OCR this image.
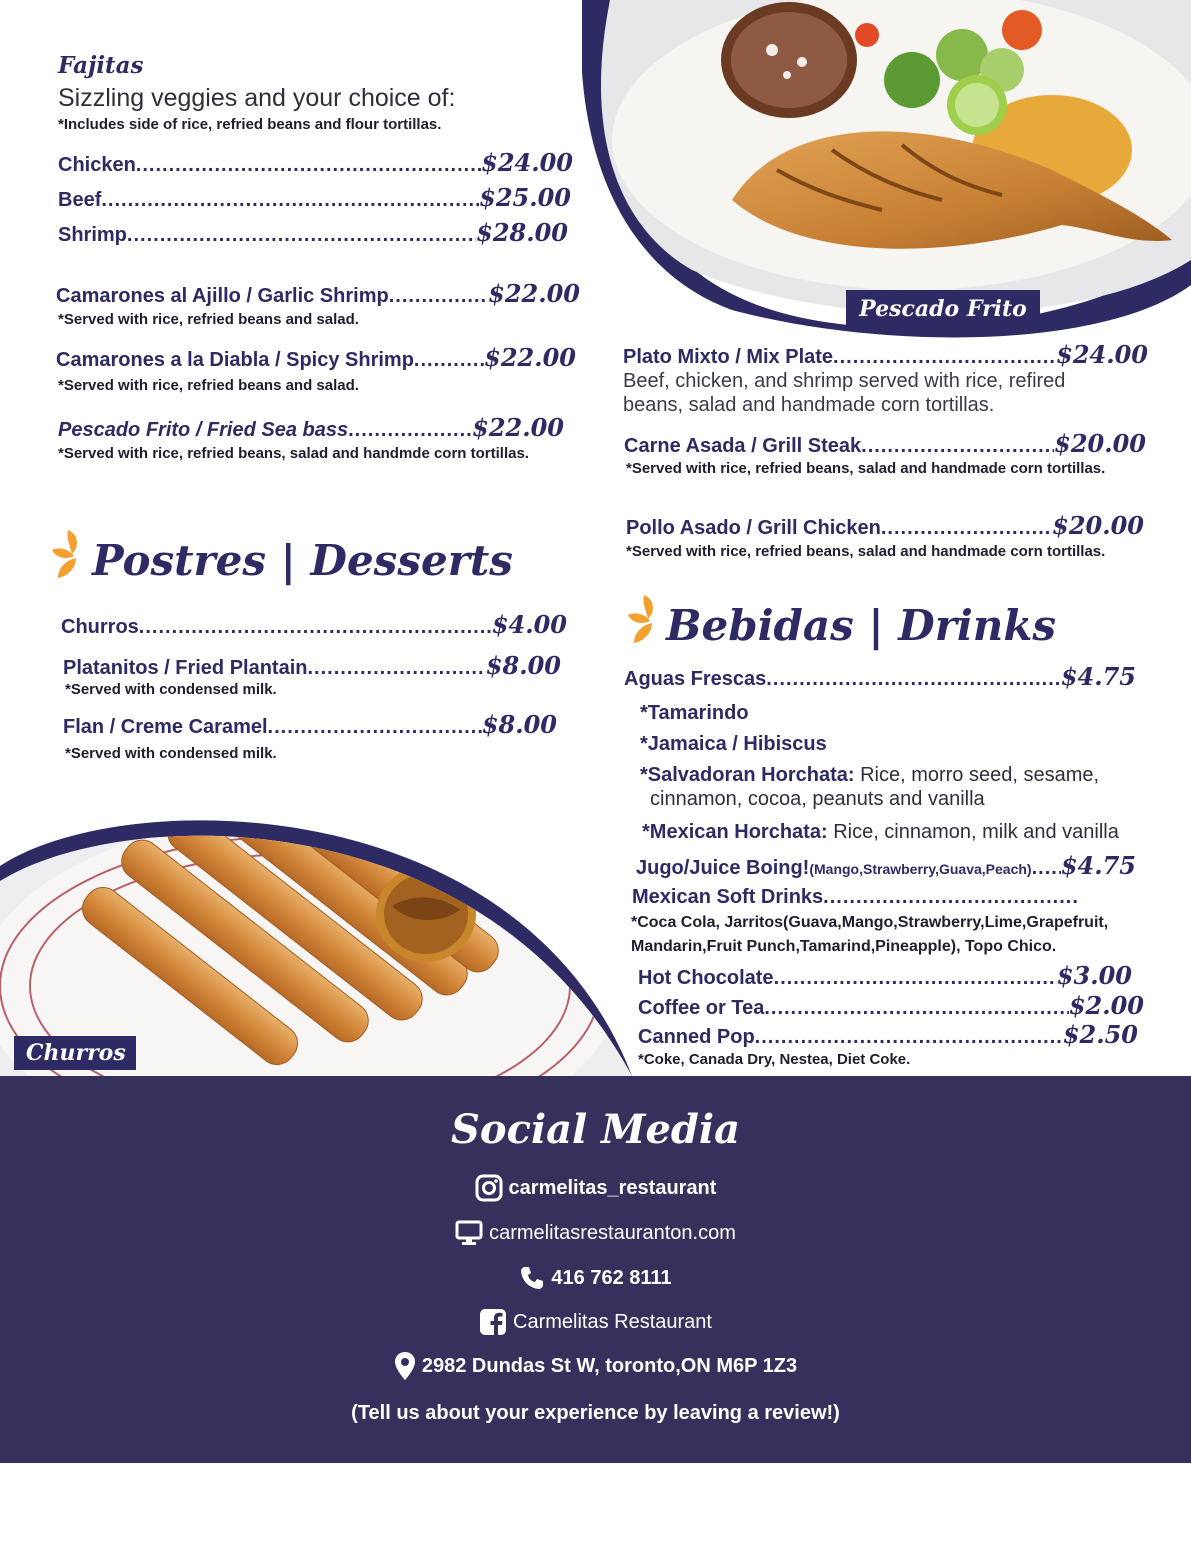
Fajitas
Sizzling veggies and your choice of:
*Includes side of rice, refried beans and flour tortillas.
Chicken .....	$24.00
Beef .....	$25.00
Shrimp .....	$28.00
Camarones al Ajillo / Garlic Shrimp .....	$22.00
*Served with rice, refried beans and salad.
Camarones a la Diabla / Spicy Shrimp .....	$22.00
*Served with rice, refried beans and salad.
Pescado Frito / Fried Sea bass .....	$22.00
*Served with rice, refried beans, salad and handmde corn tortillas.
Postres | Desserts
Churros .....	$4.00
Platanitos / Fried Plantain .....	$8.00
*Served with condensed milk.
Flan / Creme Caramel .....	$8.00
*Served with condensed milk.
Churros
Pescado Frito
Plato Mixto / Mix Plate .....	$24.00
Beef, chicken, and shrimp served with rice, refired beans, salad and handmade corn tortillas.
Carne Asada / Grill Steak .....	$20.00
*Served with rice, refried beans, salad and handmade corn tortillas.
Pollo Asado / Grill Chicken .....	$20.00
*Served with rice, refried beans, salad and handmade corn tortillas.
Bebidas | Drinks
Aguas Frescas .....	$4.75
*Tamarindo
*Jamaica / Hibiscus
*Salvadoran Horchata: Rice, morro seed, sesame,
cinnamon, cocoa, peanuts and vanilla
*Mexican Horchata: Rice, cinnamon, milk and vanilla
Jugo/Juice Boing! (Mango,Strawberry,Guava,Peach) ..... $4.75
Mexican Soft Drinks
.....
*Coca Cola, Jarritos(Guava,Mango,Strawberry,Lime,Grapefruit,
Mandarin,Fruit Punch,Tamarind,Pineapple), Topo Chico.
Hot Chocolate .....	$3.00
Coffee or Tea .....	$2.00
Canned Pop .....	$2.50
*Coke, Canada Dry, Nestea, Diet Coke.
Social Media
carmelitas_restaurant
carmelitasrestauranton.com
416 762 8111
Carmelitas Restaurant
2982 Dundas St W, toronto,ON M6P 1Z3
(Tell us about your experience by leaving a review!)
